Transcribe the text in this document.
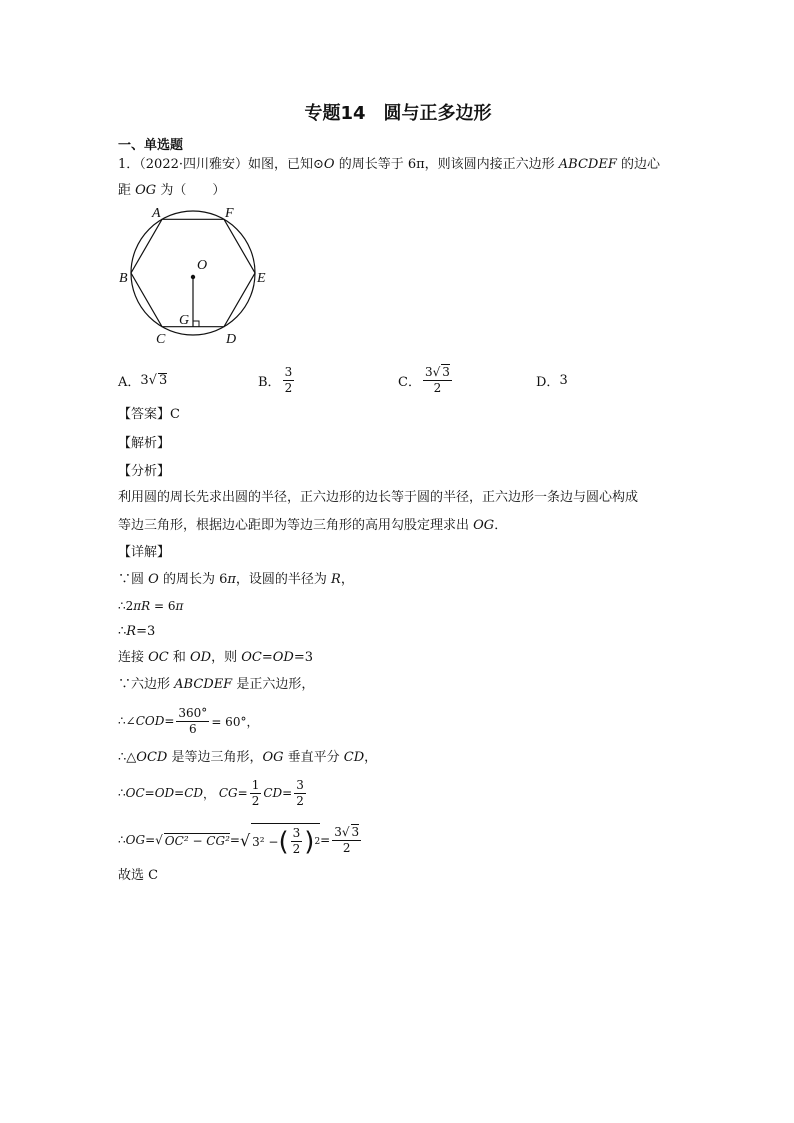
专题14 圆与正多边形
一、单选题
1．（2022·四川雅安）如图，已知⊙O 的周长等于 6π，则该圆内接正六边形 ABCDEF 的边心
距 OG 为（　　）
A	F
B	E
O
G
C	D
A． 3 √ 3	B． $\frac{3}{2}$	C． $\frac{3√ 3}{2}$	D． 3
【答案】C
【解析】
【分析】
利用圆的周长先求出圆的半径，正六边形的边长等于圆的半径，正六边形一条边与圆心构成
等边三角形，根据边心距即为等边三角形的高用勾股定理求出 OG．
【详解】
∵圆 O 的周长为 6π，设圆的半径为 R，
∴2πR = 6π
∴R=3
连接 OC 和 OD，则 OC=OD=3
∵六边形 ABCDEF 是正六边形，
∴∠ COD = $\frac{360^\circ}{6} = 60^\circ$，
∴△OCD 是等边三角形，OG 垂直平分 CD，
∴ OC=OD=CD ，
CG = $\frac{1}{2}$ CD = $\frac{3}{2}$
∴ OG = √ OC² − CG² = √ 3² − ( $\frac{3}{2}$ ) $2 = \frac{3√ 3}{2}$
故选 C
